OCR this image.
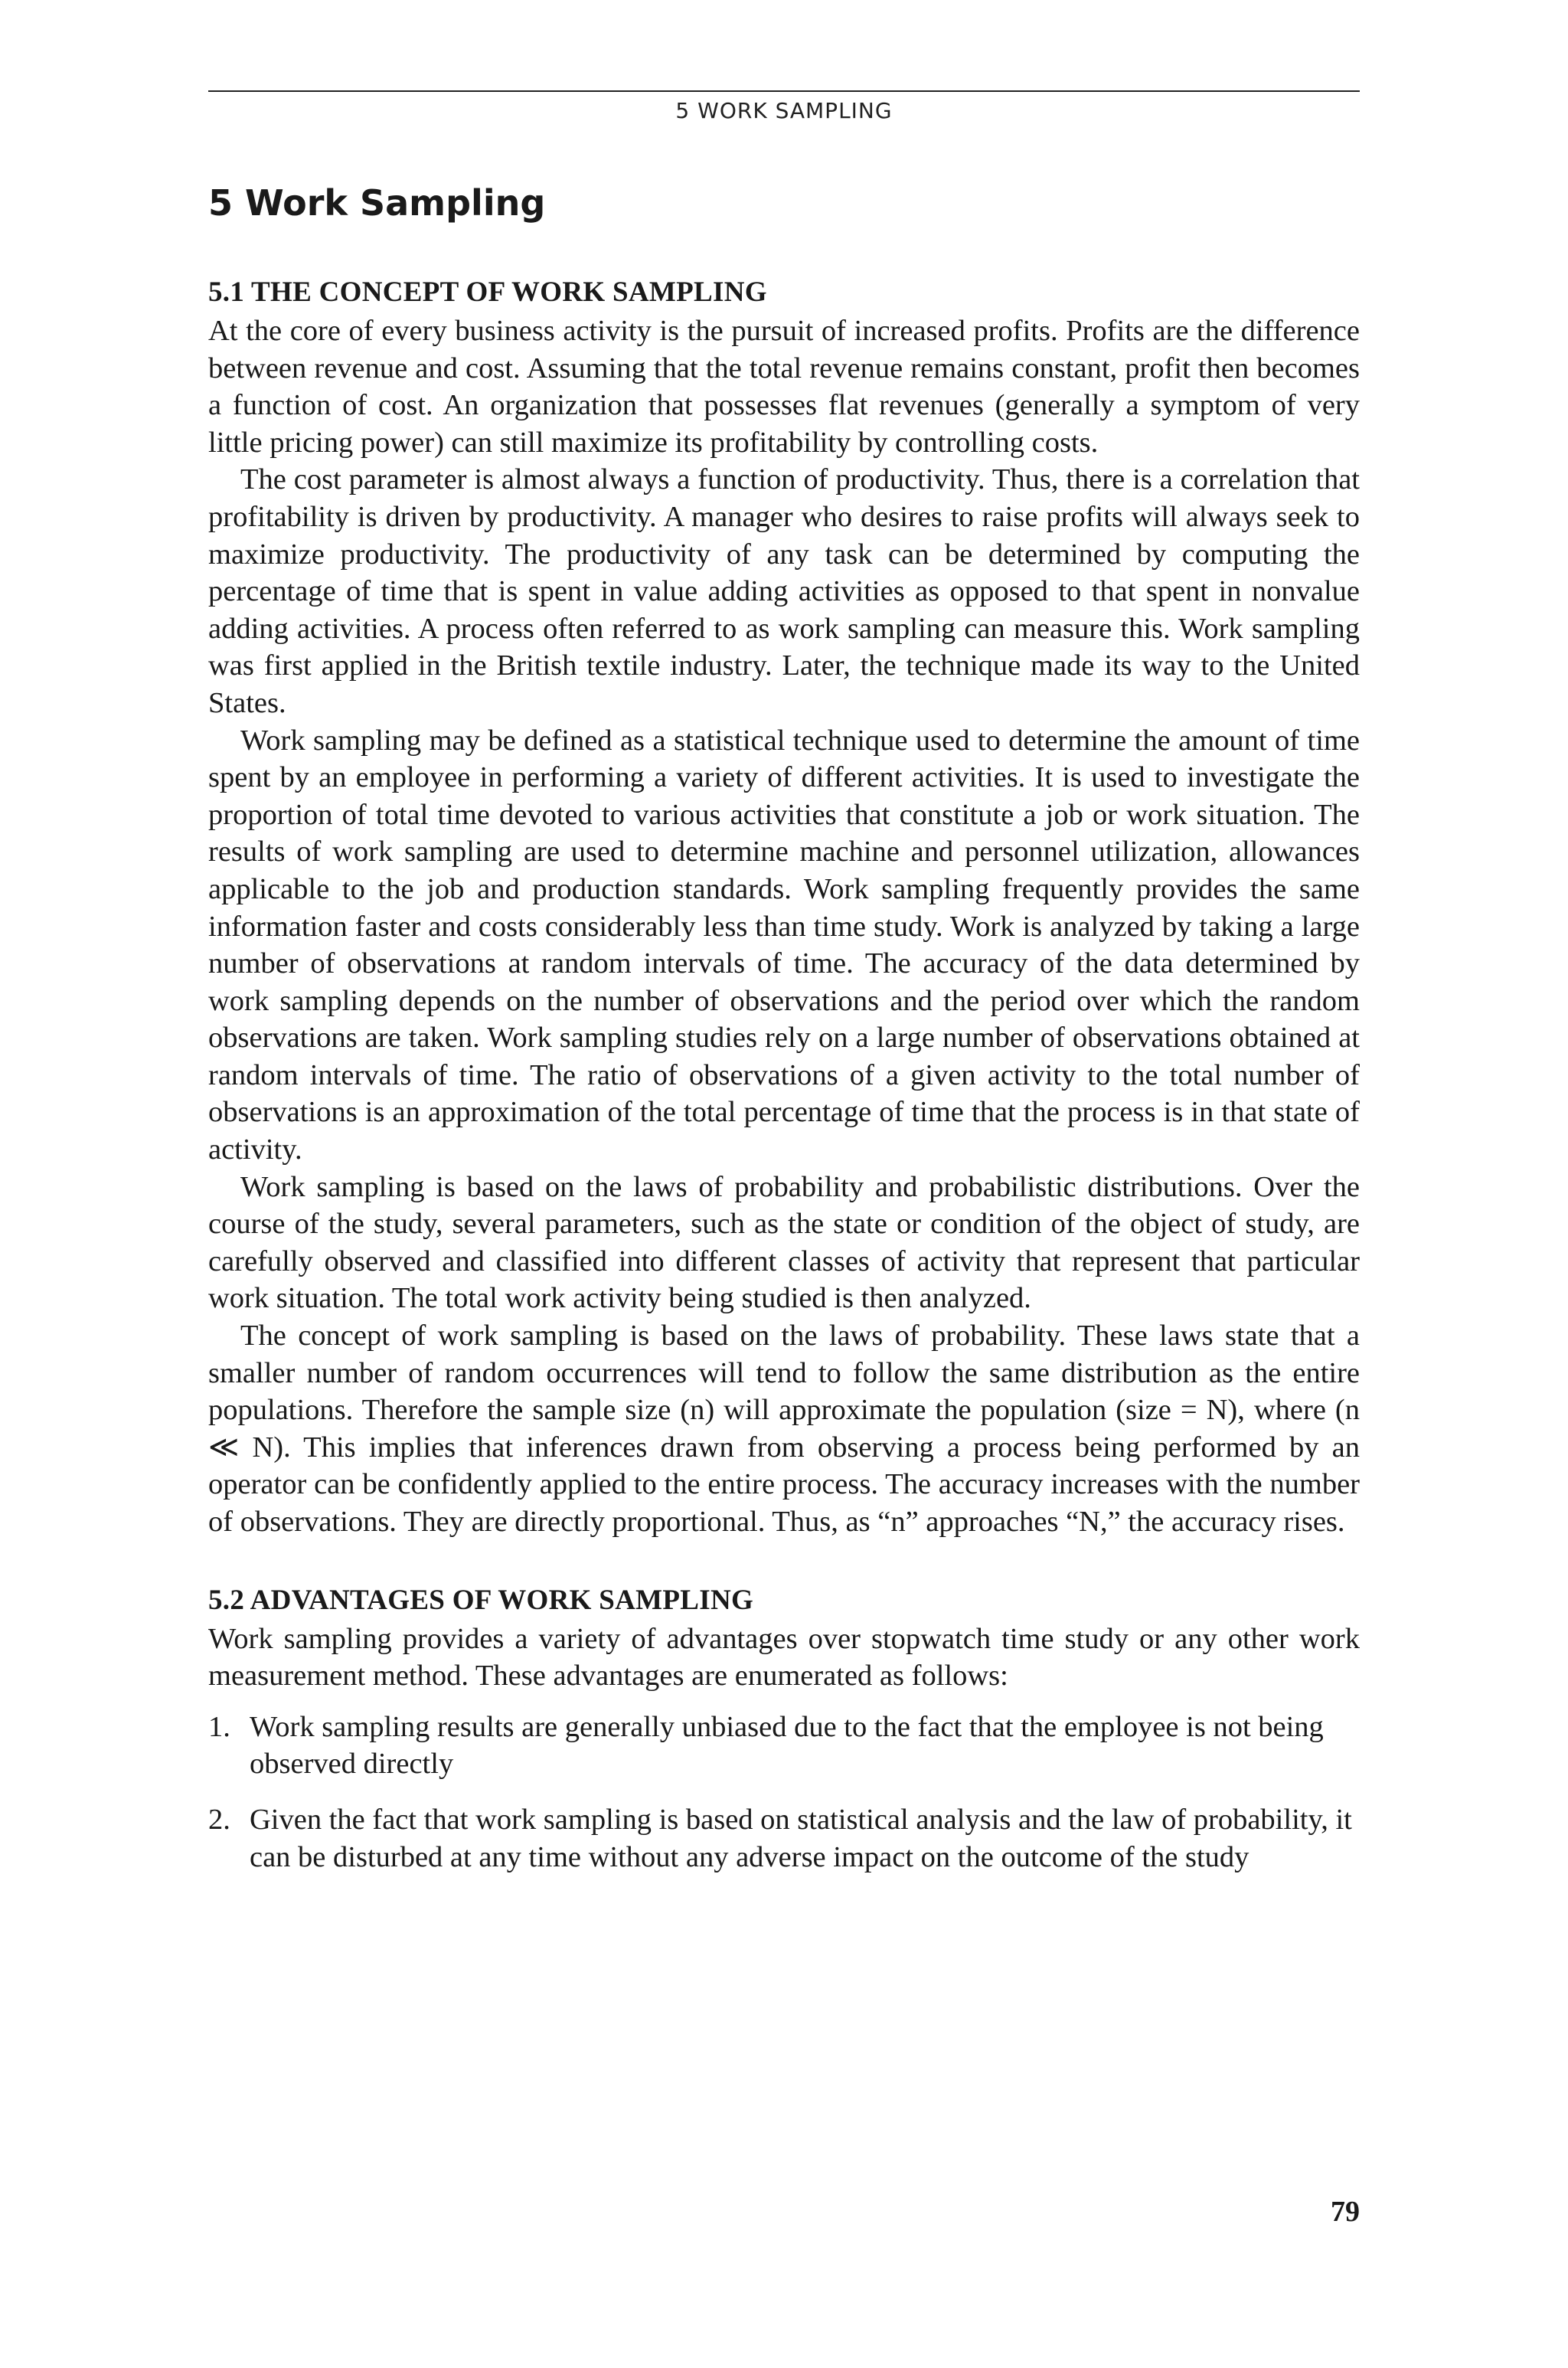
5 WORK SAMPLING
5 Work Sampling
5.1 THE CONCEPT OF WORK SAMPLING

At the core of every business activity is the pursuit of increased profits. Profits are the difference between revenue and cost. Assuming that the total revenue remains constant, profit then becomes a function of cost. An organization that possesses flat revenues (generally a symptom of very little pricing power) can still maximize its profitability by controlling costs.

The cost parameter is almost always a function of productivity. Thus, there is a correlation that profitability is driven by productivity. A manager who desires to raise profits will always seek to maximize productivity. The productivity of any task can be determined by computing the percentage of time that is spent in value adding activities as opposed to that spent in nonvalue adding activities. A process often referred to as work sampling can measure this. Work sampling was first applied in the British textile industry. Later, the technique made its way to the United States.

Work sampling may be defined as a statistical technique used to determine the amount of time spent by an employee in performing a variety of different activities. It is used to investigate the proportion of total time devoted to various activities that constitute a job or work situation. The results of work sampling are used to determine machine and personnel utilization, allowances applicable to the job and production standards. Work sampling frequently provides the same information faster and costs considerably less than time study. Work is analyzed by taking a large number of observations at random intervals of time. The accuracy of the data determined by work sampling depends on the number of observations and the period over which the random observations are taken. Work sampling studies rely on a large number of observations obtained at random intervals of time. The ratio of observations of a given activity to the total number of observations is an approximation of the total percentage of time that the process is in that state of activity.

Work sampling is based on the laws of probability and probabilistic distributions. Over the course of the study, several parameters, such as the state or condition of the object of study, are carefully observed and classified into different classes of activity that represent that particular work situation. The total work activity being studied is then analyzed.

The concept of work sampling is based on the laws of probability. These laws state that a smaller number of random occurrences will tend to follow the same distribution as the entire populations. Therefore the sample size (n) will approximate the population (size = N), where (n ≪ N). This implies that inferences drawn from observing a process being performed by an operator can be confidently applied to the entire process. The accuracy increases with the number of observations. They are directly proportional. Thus, as “n” approaches “N,” the accuracy rises.

5.2 ADVANTAGES OF WORK SAMPLING

Work sampling provides a variety of advantages over stopwatch time study or any other work measurement method. These advantages are enumerated as follows:

1. Work sampling results are generally unbiased due to the fact that the employee is not being observed directly
2. Given the fact that work sampling is based on statistical analysis and the law of probability, it can be disturbed at any time without any adverse impact on the outcome of the study
79
